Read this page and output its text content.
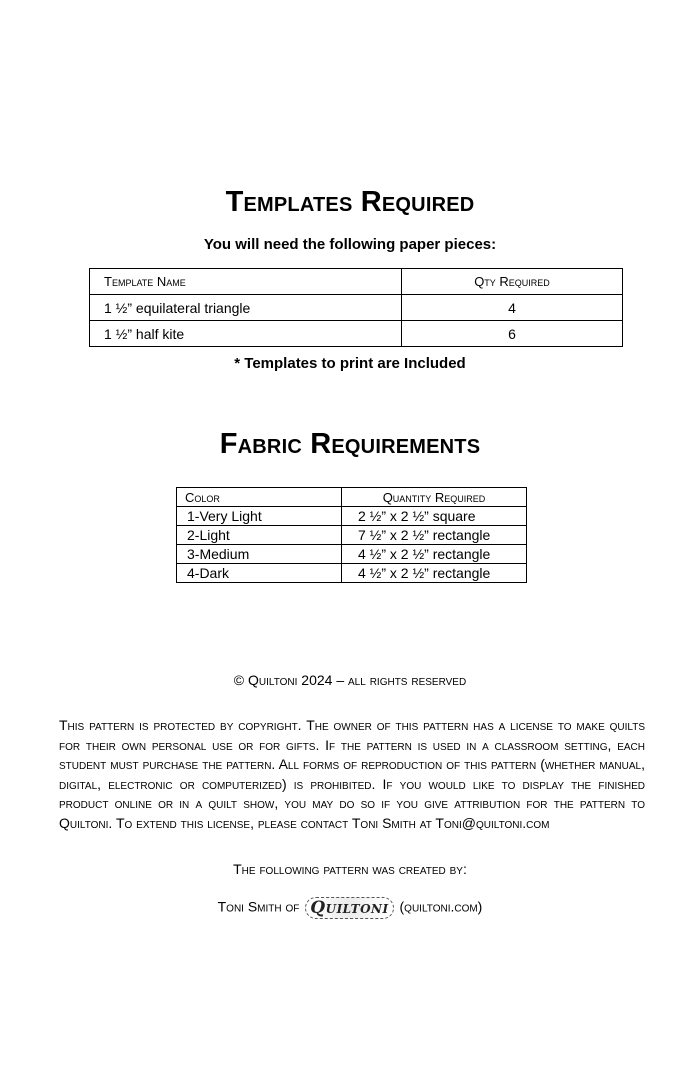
Templates Required
You will need the following paper pieces:
Template Name	Qty Required
1 ½” equilateral triangle	4
1 ½” half kite	6
* Templates to print are Included
Fabric Requirements
Color	Quantity Required
1-Very Light	2 ½” x 2 ½” square
2-Light	7 ½” x 2 ½” rectangle
3-Medium	4 ½” x 2 ½” rectangle
4-Dark	4 ½” x 2 ½” rectangle
© Quiltoni 2024 – all rights reserved
This pattern is protected by copyright. The owner of this pattern has a license to make quilts for their own personal use or for gifts. If the pattern is used in a classroom setting, each student must purchase the pattern. All forms of reproduction of this pattern (whether manual, digital, electronic or computerized) is prohibited. If you would like to display the finished product online or in a quilt show, you may do so if you give attribution for the pattern to Quiltoni. To extend this license, please contact Toni Smith at Toni@quiltoni.com
The following pattern was created by:
Toni Smith of Quiltoni (quiltoni.com)
